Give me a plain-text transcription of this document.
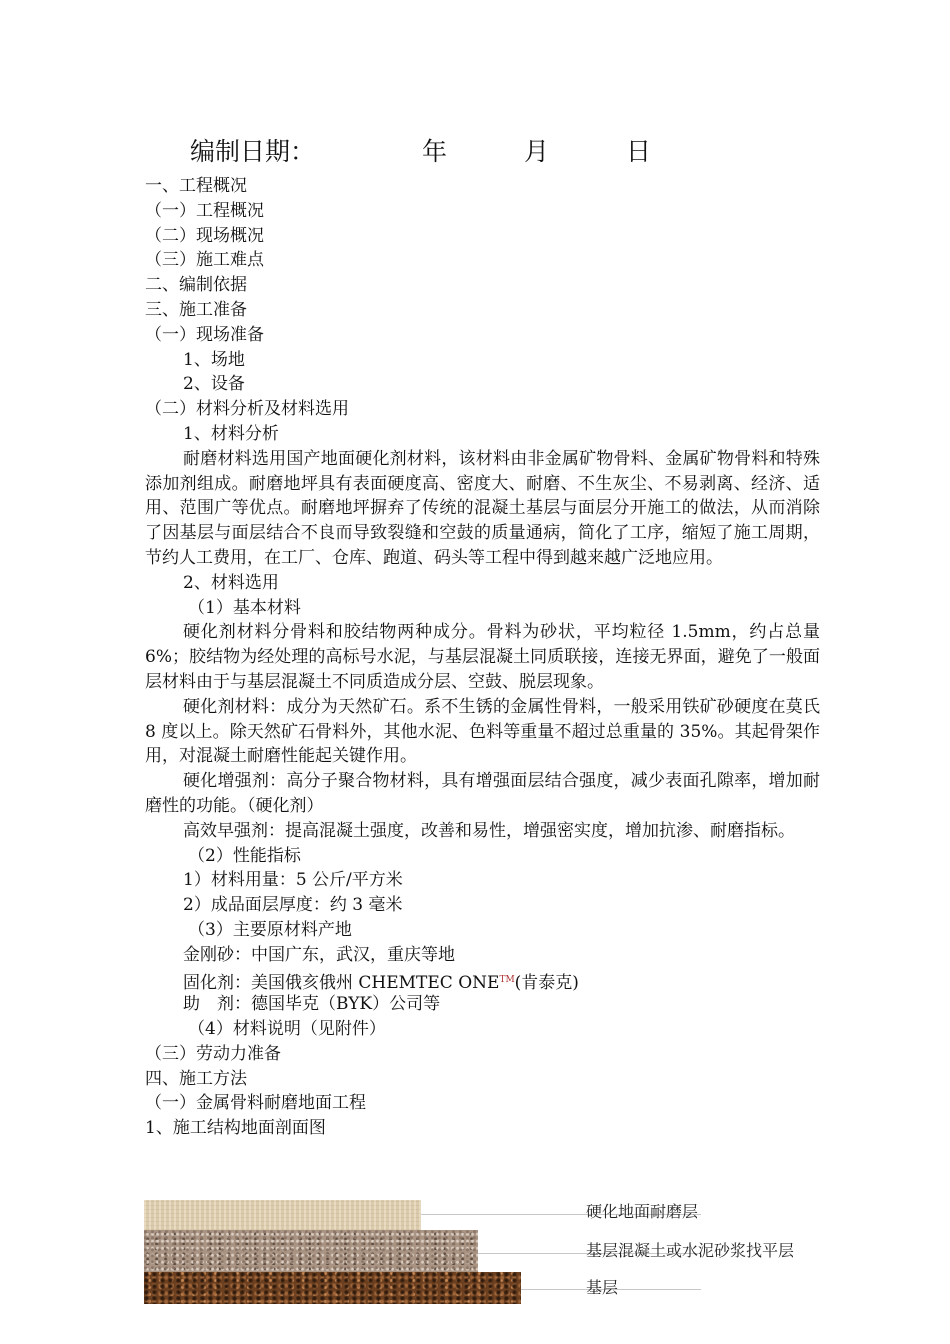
编制日期：	年	月	日
一、工程概况
（一）工程概况
（二）现场概况
（三）施工难点
二、编制依据
三、施工准备
（一）现场准备
1、场地
2、设备
（二）材料分析及材料选用
1、材料分析
耐磨材料选用国产地面硬化剂材料，该材料由非金属矿物骨料、金属矿物骨料和特殊添加剂组成。耐磨地坪具有表面硬度高、密度大、耐磨、不生灰尘、不易剥离、经济、适用、范围广等优点。耐磨地坪摒弃了传统的混凝土基层与面层分开施工的做法，从而消除了因基层与面层结合不良而导致裂缝和空鼓的质量通病，简化了工序，缩短了施工周期，节约人工费用，在工厂、仓库、跑道、码头等工程中得到越来越广泛地应用。
2、材料选用
（1）基本材料
硬化剂材料分骨料和胶结物两种成分。骨料为砂状，平均粒径 1.5mm，约占总量 6%；胶结物为经处理的高标号水泥，与基层混凝土同质联接，连接无界面，避免了一般面层材料由于与基层混凝土不同质造成分层、空鼓、脱层现象。
硬化剂材料：成分为天然矿石。系不生锈的金属性骨料，一般采用铁矿砂硬度在莫氏 8 度以上。除天然矿石骨料外，其他水泥、色料等重量不超过总重量的 35%。其起骨架作用，对混凝土耐磨性能起关键作用。
硬化增强剂：高分子聚合物材料，具有增强面层结合强度，减少表面孔隙率，增加耐磨性的功能。（硬化剂）
高效早强剂：提高混凝土强度，改善和易性，增强密实度，增加抗渗、耐磨指标。
（2）性能指标
1）材料用量：5 公斤/平方米
2）成品面层厚度：约 3 毫米
（3）主要原材料产地
金刚砂：中国广东，武汉，重庆等地
固化剂：美国俄亥俄州 CHEMTEC ONE™(肯泰克)
助　剂：德国毕克（BYK）公司等
（4）材料说明（见附件）
（三）劳动力准备
四、施工方法
（一）金属骨料耐磨地面工程
1、施工结构地面剖面图
硬化地面耐磨层
基层混凝土或水泥砂浆找平层
基层
